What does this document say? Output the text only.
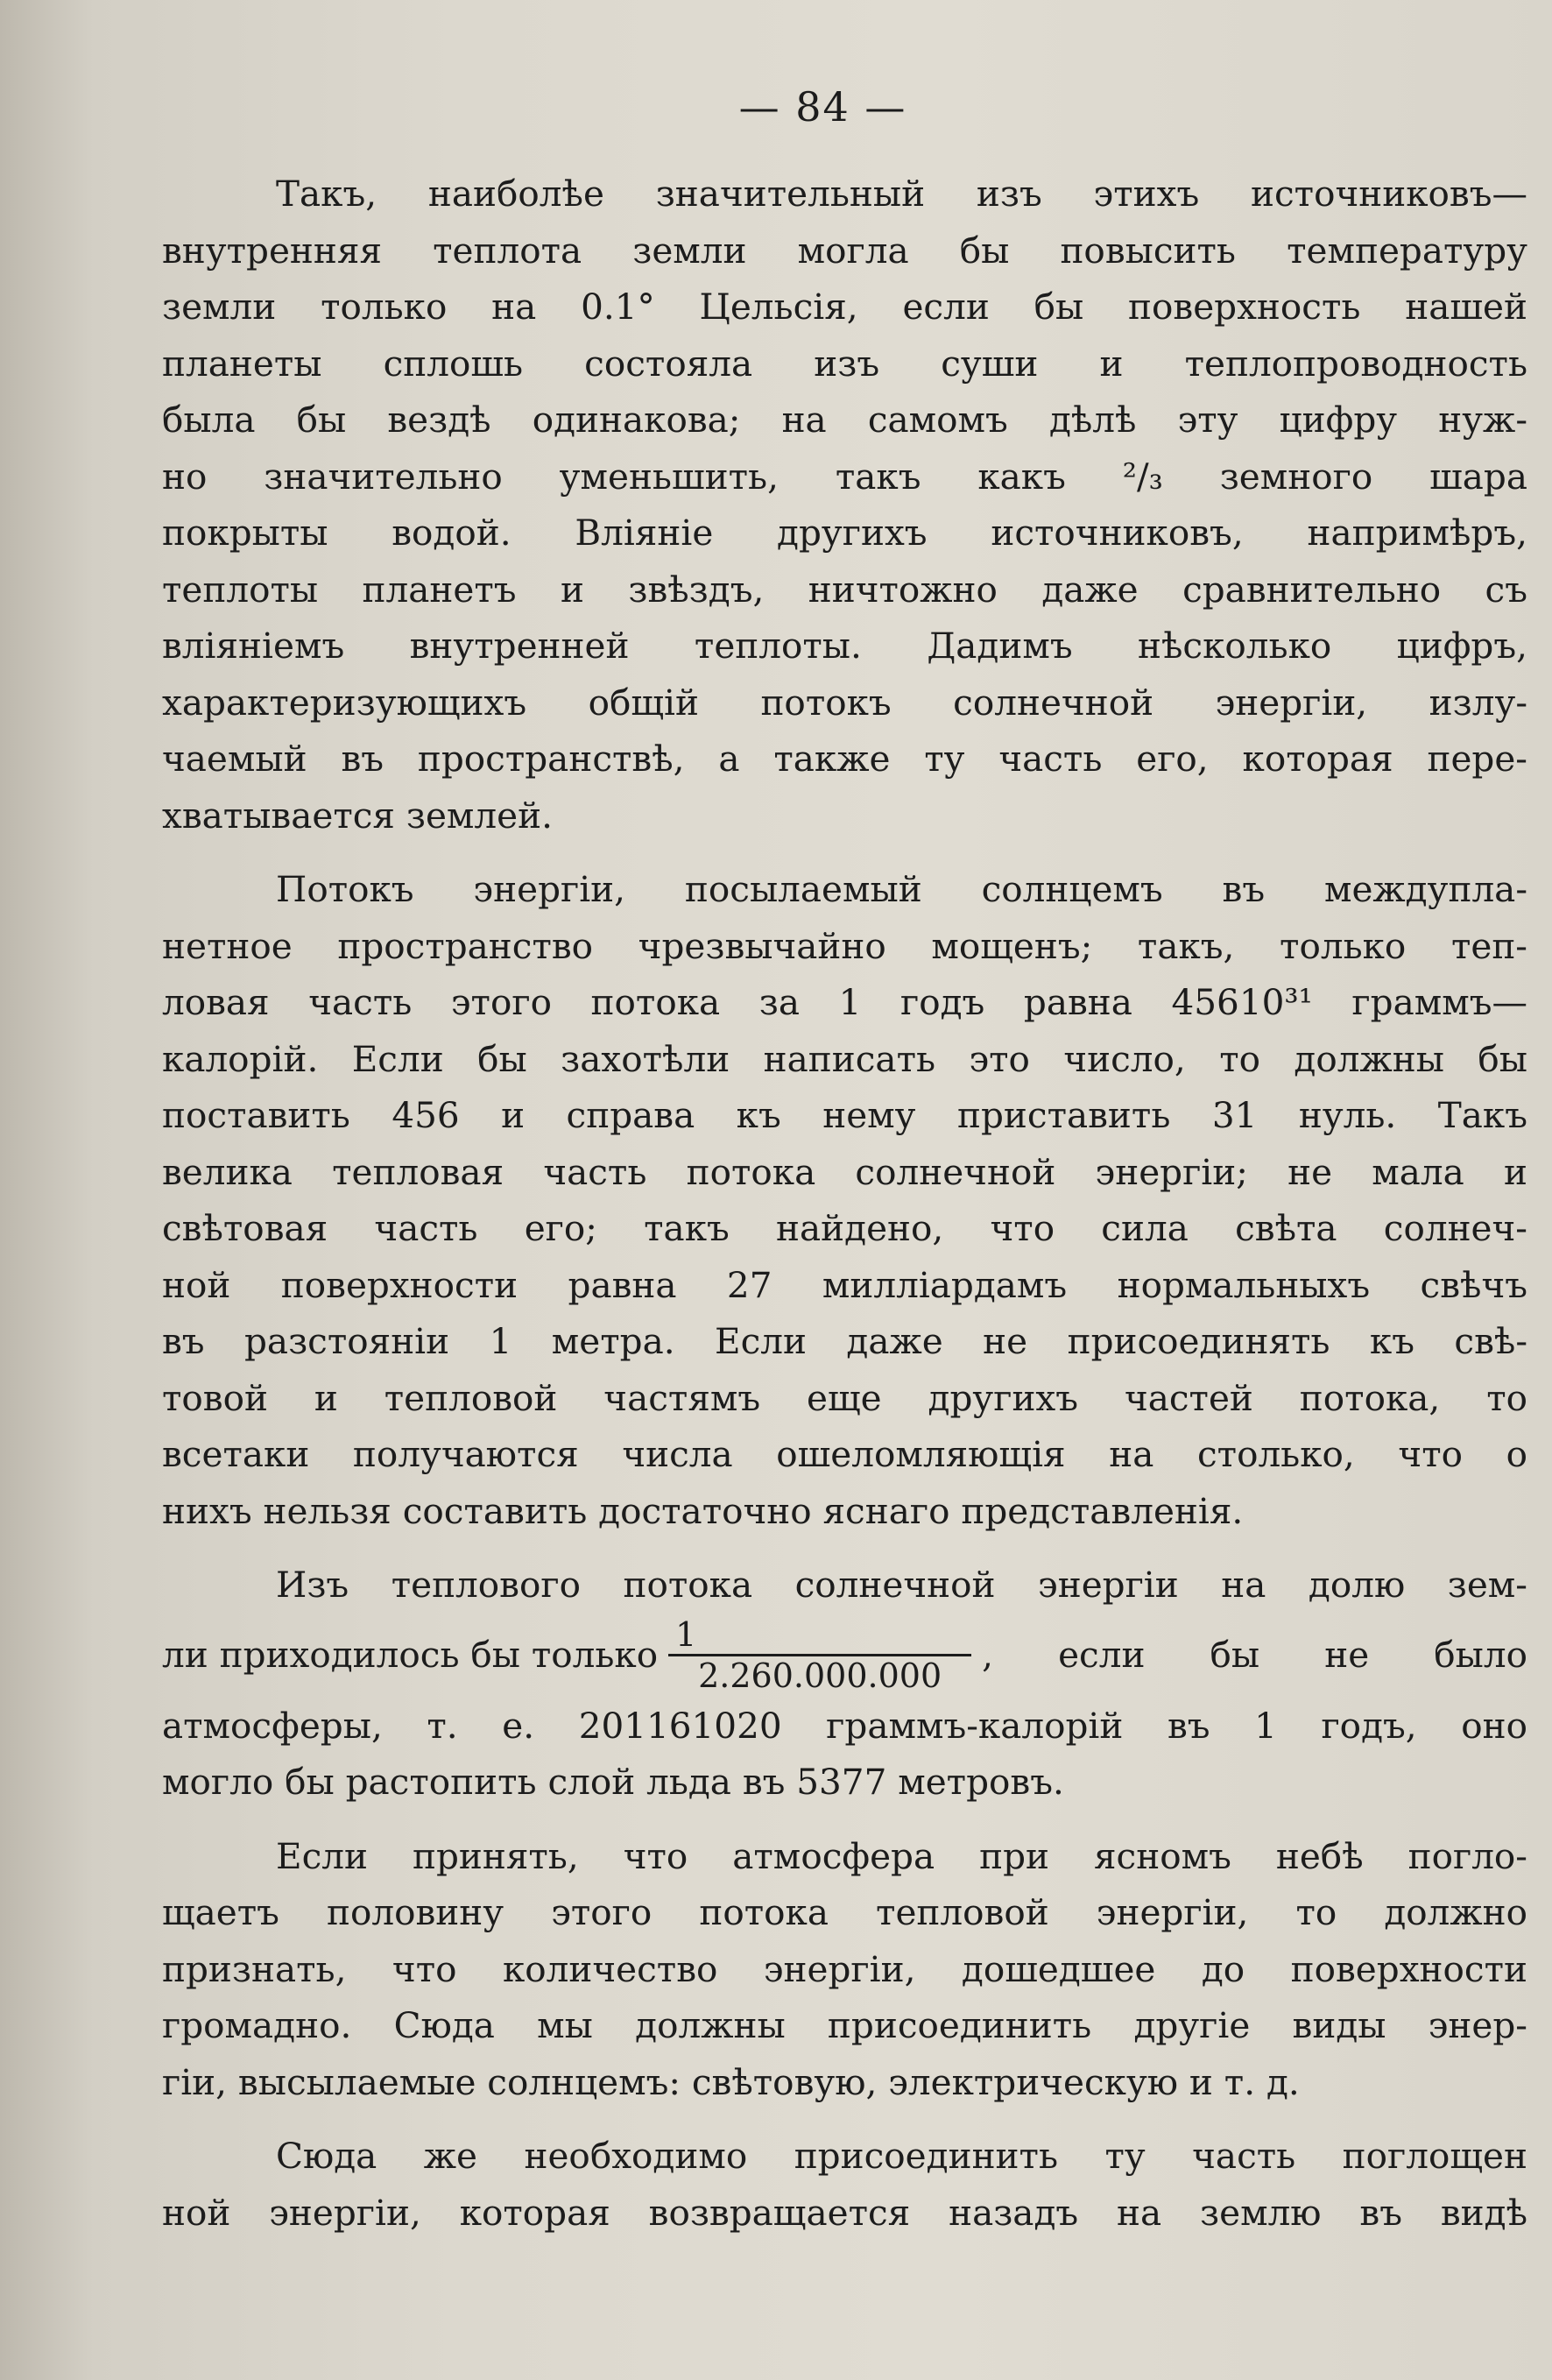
— 84 —
Такъ, наиболѣе значительный изъ этихъ источниковъ—
внутренняя теплота земли могла бы повысить температуру
земли только на 0.1° Цельсія, если бы поверхность нашей
планеты сплошь состояла изъ суши и теплопроводность
была бы вездѣ одинакова; на самомъ дѣлѣ эту цифру нуж-
но значительно уменьшить, такъ какъ ²/₃ земного шара
покрыты водой. Вліяніе другихъ источниковъ, напримѣръ,
теплоты планетъ и звѣздъ, ничтожно даже сравнительно съ
вліяніемъ внутренней теплоты. Дадимъ нѣсколько цифръ,
характеризующихъ общій потокъ солнечной энергіи, излу-
чаемый въ пространствѣ, а также ту часть его, которая пере-
хватывается землей.
Потокъ энергіи, посылаемый солнцемъ въ междупла-
нетное пространство чрезвычайно мощенъ; такъ, только теп-
ловая часть этого потока за 1 годъ равна 45610³¹ граммъ—
калорій. Если бы захотѣли написать это число, то должны бы
поставить 456 и справа къ нему приставить 31 нуль. Такъ
велика тепловая часть потока солнечной энергіи; не мала и
свѣтовая часть его; такъ найдено, что сила свѣта солнеч-
ной поверхности равна 27 миллiардамъ нормальныхъ свѣчъ
въ разстояніи 1 метра. Если даже не присоединять къ свѣ-
товой и тепловой частямъ еще другихъ частей потока, то
всетаки получаются числа ошеломляющія на столько, что о
нихъ нельзя составить достаточно яснаго представленія.
Изъ теплового потока солнечной энергіи на долю зем-
ли приходилось бы только $\frac{1}{2.260.000.000}$ , если бы не было
атмосферы, т. е. 201161020 граммъ-калорій въ 1 годъ, оно
могло бы растопить слой льда въ 5377 метровъ.
Если принять, что атмосфера при ясномъ небѣ погло-
щаетъ половину этого потока тепловой энергіи, то должно
признать, что количество энергіи, дошедшее до поверхности
громадно. Сюда мы должны присоединить другіе виды энер-
гіи, высылаемые солнцемъ: свѣтовую, электрическую и т. д.
Сюда же необходимо присоединить ту часть поглощен
ной энергіи, которая возвращается назадъ на землю въ видѣ
